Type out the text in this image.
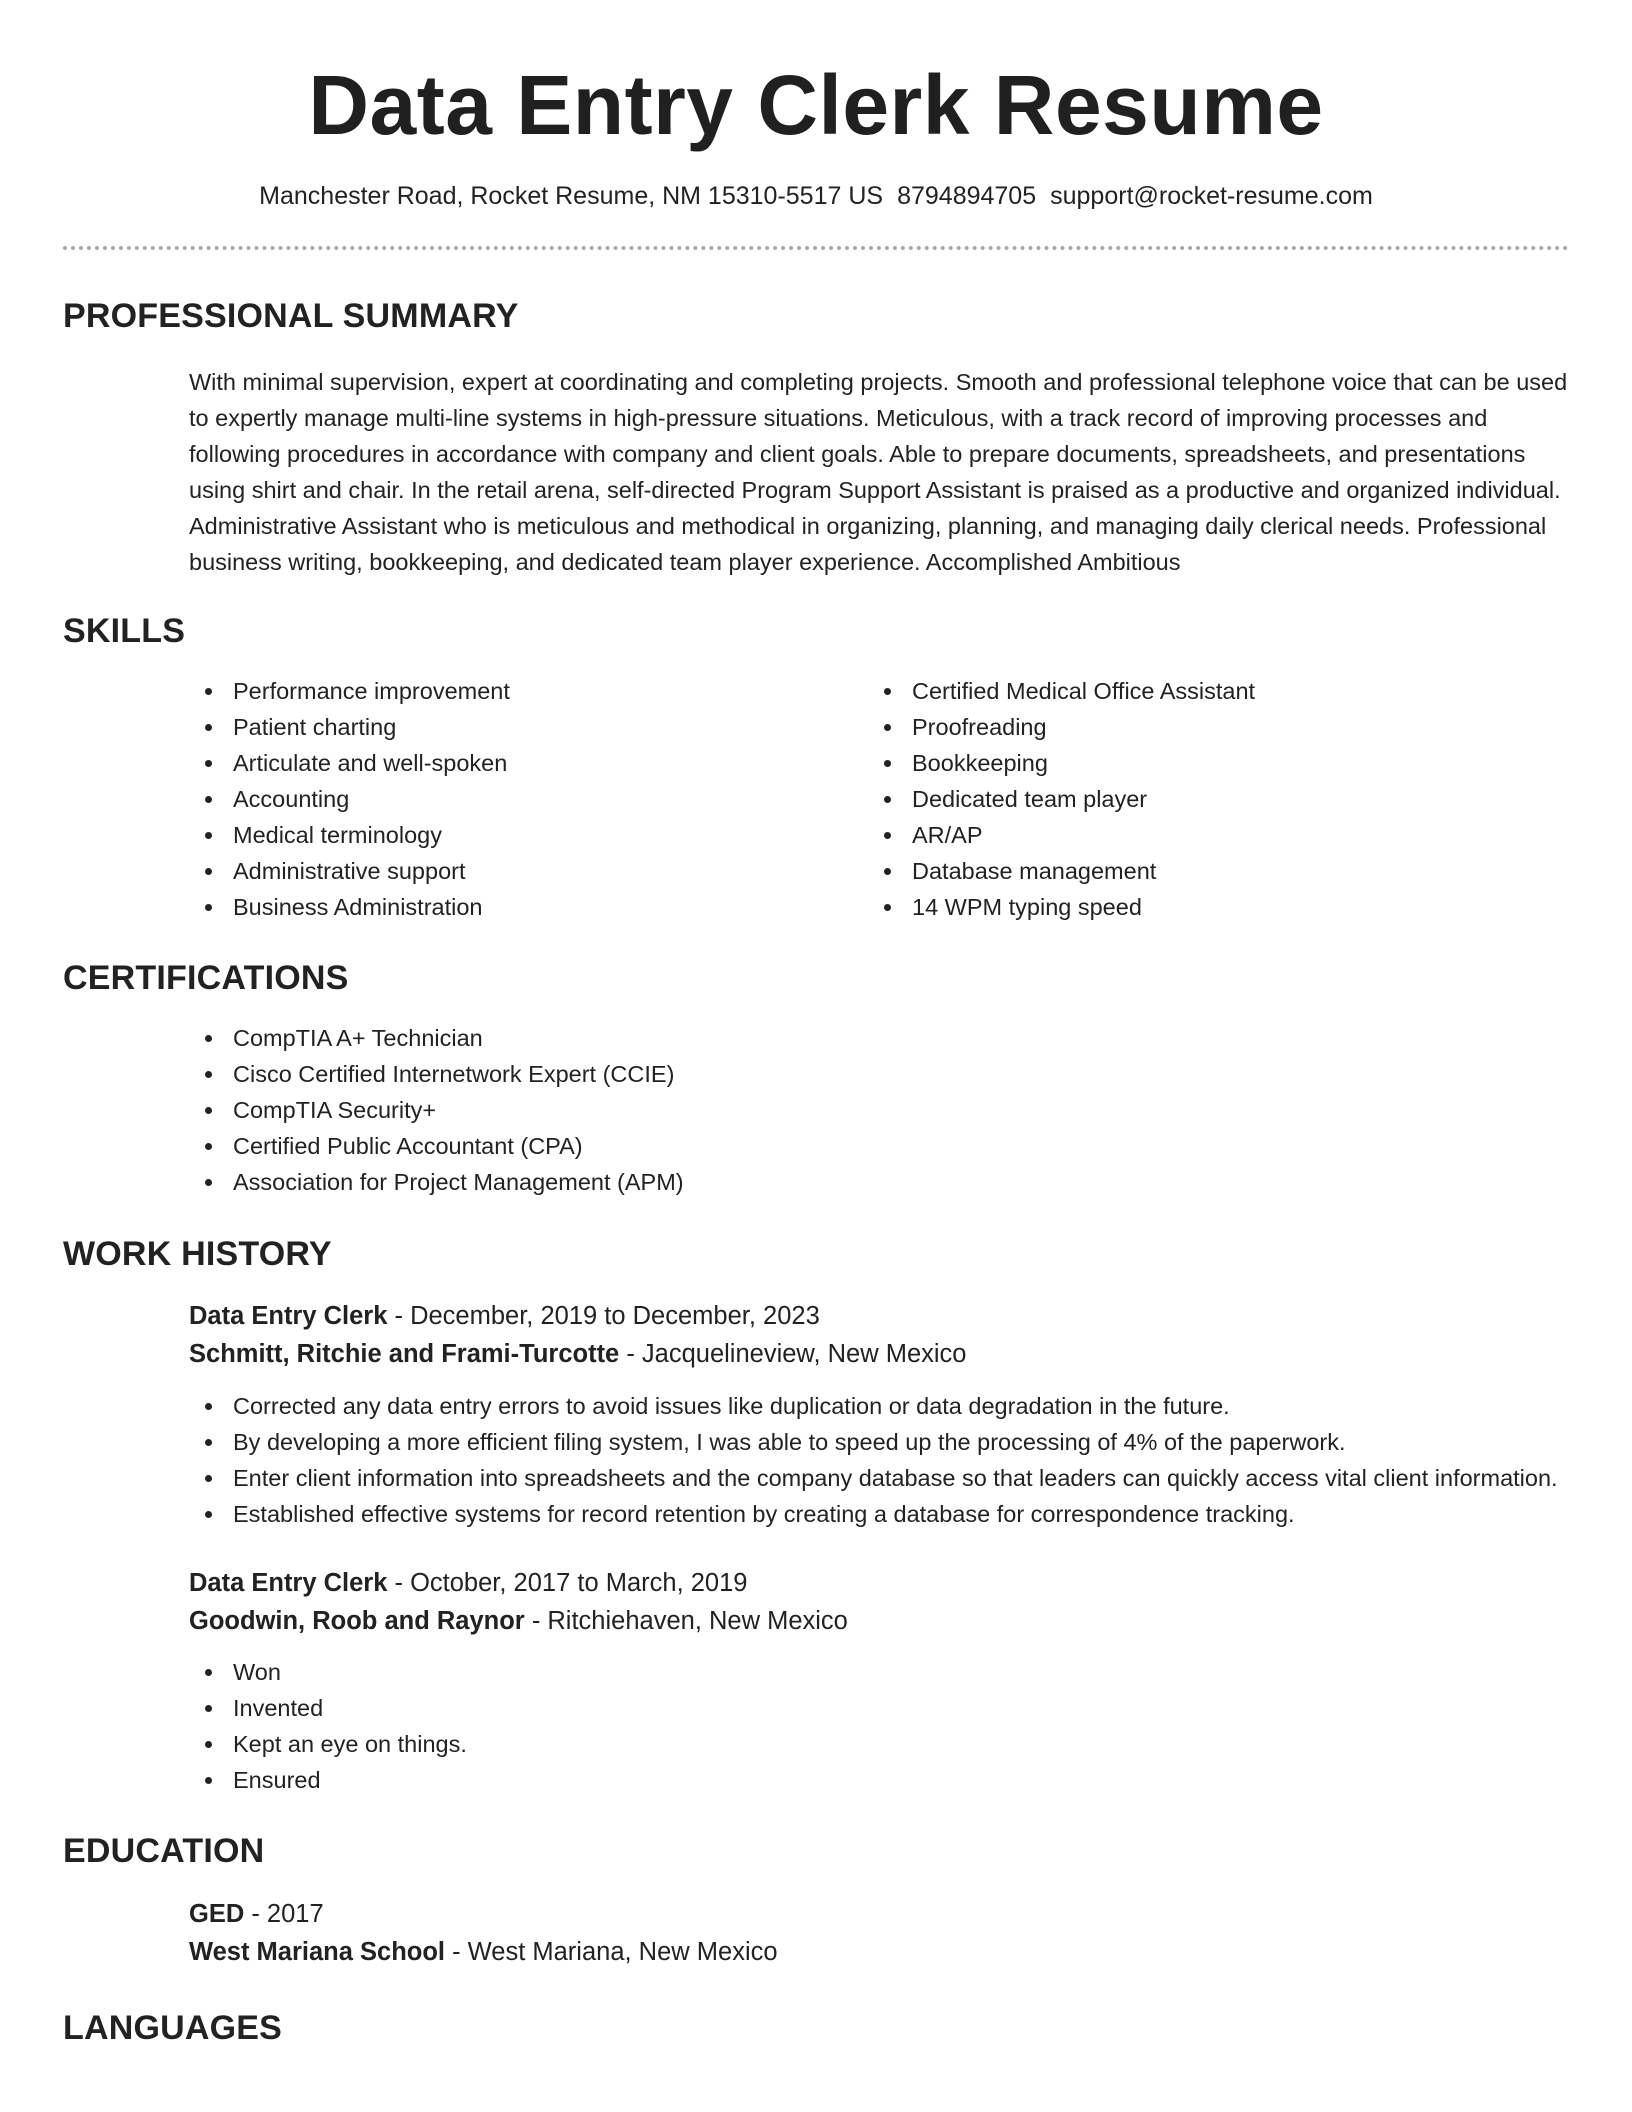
Data Entry Clerk Resume
Manchester Road, Rocket Resume, NM 15310-5517 US 8794894705 support@rocket-resume.com
PROFESSIONAL SUMMARY
With minimal supervision, expert at coordinating and completing projects. Smooth and professional telephone voice that can be used to expertly manage multi-line systems in high-pressure situations. Meticulous, with a track record of improving processes and following procedures in accordance with company and client goals. Able to prepare documents, spreadsheets, and presentations using shirt and chair. In the retail arena, self-directed Program Support Assistant is praised as a productive and organized individual. Administrative Assistant who is meticulous and methodical in organizing, planning, and managing daily clerical needs. Professional business writing, bookkeeping, and dedicated team player experience. Accomplished Ambitious
SKILLS
Performance improvement
Patient charting
Articulate and well-spoken
Accounting
Medical terminology
Administrative support
Business Administration
Certified Medical Office Assistant
Proofreading
Bookkeeping
Dedicated team player
AR/AP
Database management
14 WPM typing speed
CERTIFICATIONS
CompTIA A+ Technician
Cisco Certified Internetwork Expert (CCIE)
CompTIA Security+
Certified Public Accountant (CPA)
Association for Project Management (APM)
WORK HISTORY
Data Entry Clerk - December, 2019 to December, 2023
Schmitt, Ritchie and Frami-Turcotte - Jacquelineview, New Mexico
Corrected any data entry errors to avoid issues like duplication or data degradation in the future.
By developing a more efficient filing system, I was able to speed up the processing of 4% of the paperwork.
Enter client information into spreadsheets and the company database so that leaders can quickly access vital client information.
Established effective systems for record retention by creating a database for correspondence tracking.
Data Entry Clerk - October, 2017 to March, 2019
Goodwin, Roob and Raynor - Ritchiehaven, New Mexico
Won
Invented
Kept an eye on things.
Ensured
EDUCATION
GED - 2017
West Mariana School - West Mariana, New Mexico
LANGUAGES
